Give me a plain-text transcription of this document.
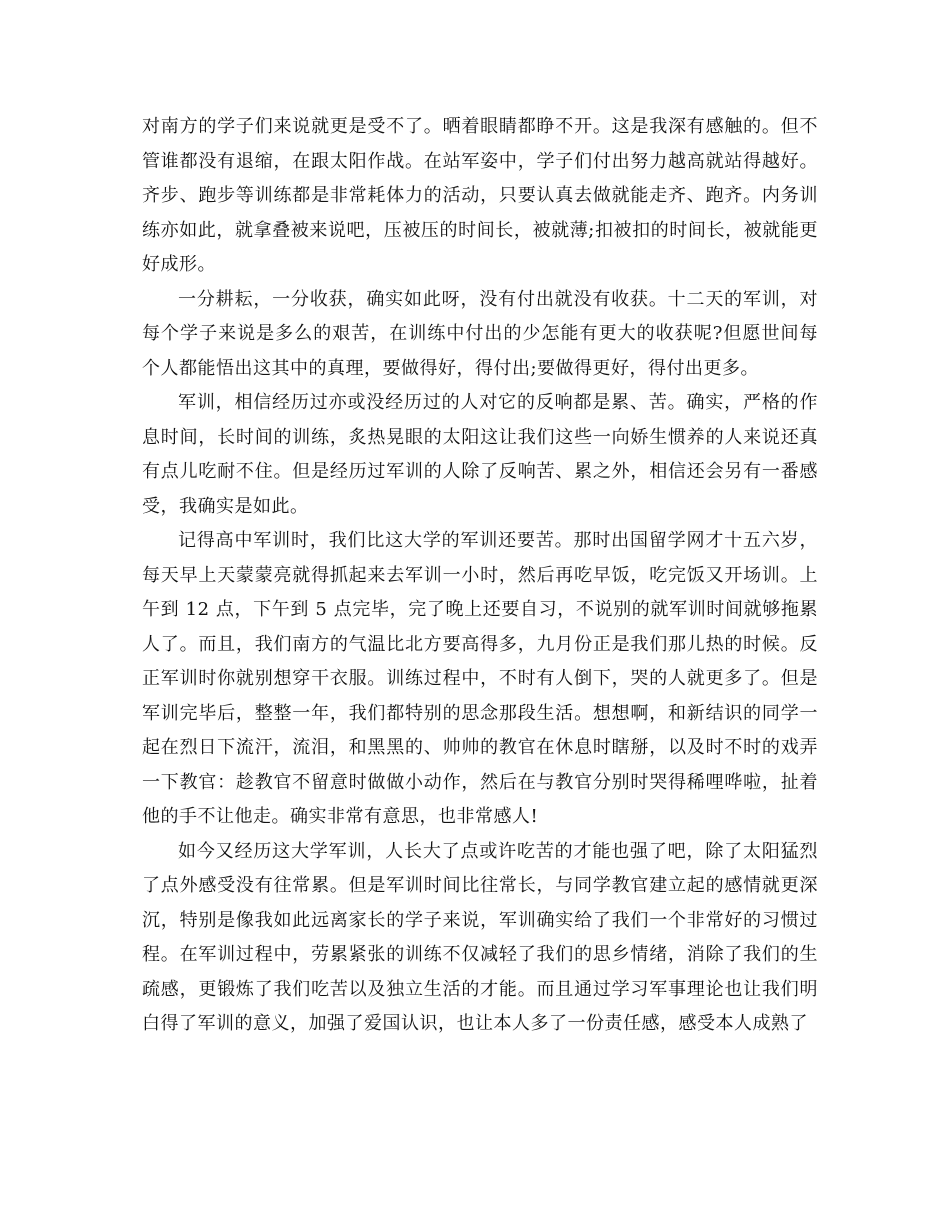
对南方的学子们来说就更是受不了。晒着眼睛都睁不开。这是我深有感触的。但不管谁都没有退缩，在跟太阳作战。在站军姿中，学子们付出努力越高就站得越好。齐步、跑步等训练都是非常耗体力的活动，只要认真去做就能走齐、跑齐。内务训练亦如此，就拿叠被来说吧，压被压的时间长，被就薄;扣被扣的时间长，被就能更好成形。

一分耕耘，一分收获，确实如此呀，没有付出就没有收获。十二天的军训，对每个学子来说是多么的艰苦，在训练中付出的少怎能有更大的收获呢?但愿世间每个人都能悟出这其中的真理，要做得好，得付出;要做得更好，得付出更多。

军训，相信经历过亦或没经历过的人对它的反响都是累、苦。确实，严格的作息时间，长时间的训练，炙热晃眼的太阳这让我们这些一向娇生惯养的人来说还真有点儿吃耐不住。但是经历过军训的人除了反响苦、累之外，相信还会另有一番感受，我确实是如此。

记得高中军训时，我们比这大学的军训还要苦。那时出国留学网才十五六岁，每天早上天蒙蒙亮就得抓起来去军训一小时，然后再吃早饭，吃完饭又开场训。上午到 12 点，下午到 5 点完毕，完了晚上还要自习，不说别的就军训时间就够拖累人了。而且，我们南方的气温比北方要高得多，九月份正是我们那儿热的时候。反正军训时你就别想穿干衣服。训练过程中，不时有人倒下，哭的人就更多了。但是军训完毕后，整整一年，我们都特别的思念那段生活。想想啊，和新结识的同学一起在烈日下流汗，流泪，和黑黑的、帅帅的教官在休息时瞎掰，以及时不时的戏弄一下教官：趁教官不留意时做做小动作，然后在与教官分别时哭得稀哩哗啦，扯着他的手不让他走。确实非常有意思，也非常感人!

如今又经历这大学军训，人长大了点或许吃苦的才能也强了吧，除了太阳猛烈了点外感受没有往常累。但是军训时间比往常长，与同学教官建立起的感情就更深沉，特别是像我如此远离家长的学子来说，军训确实给了我们一个非常好的习惯过程。在军训过程中，劳累紧张的训练不仅减轻了我们的思乡情绪，消除了我们的生疏感，更锻炼了我们吃苦以及独立生活的才能。而且通过学习军事理论也让我们明白得了军训的意义，加强了爱国认识，也让本人多了一份责任感，感受本人成熟了
